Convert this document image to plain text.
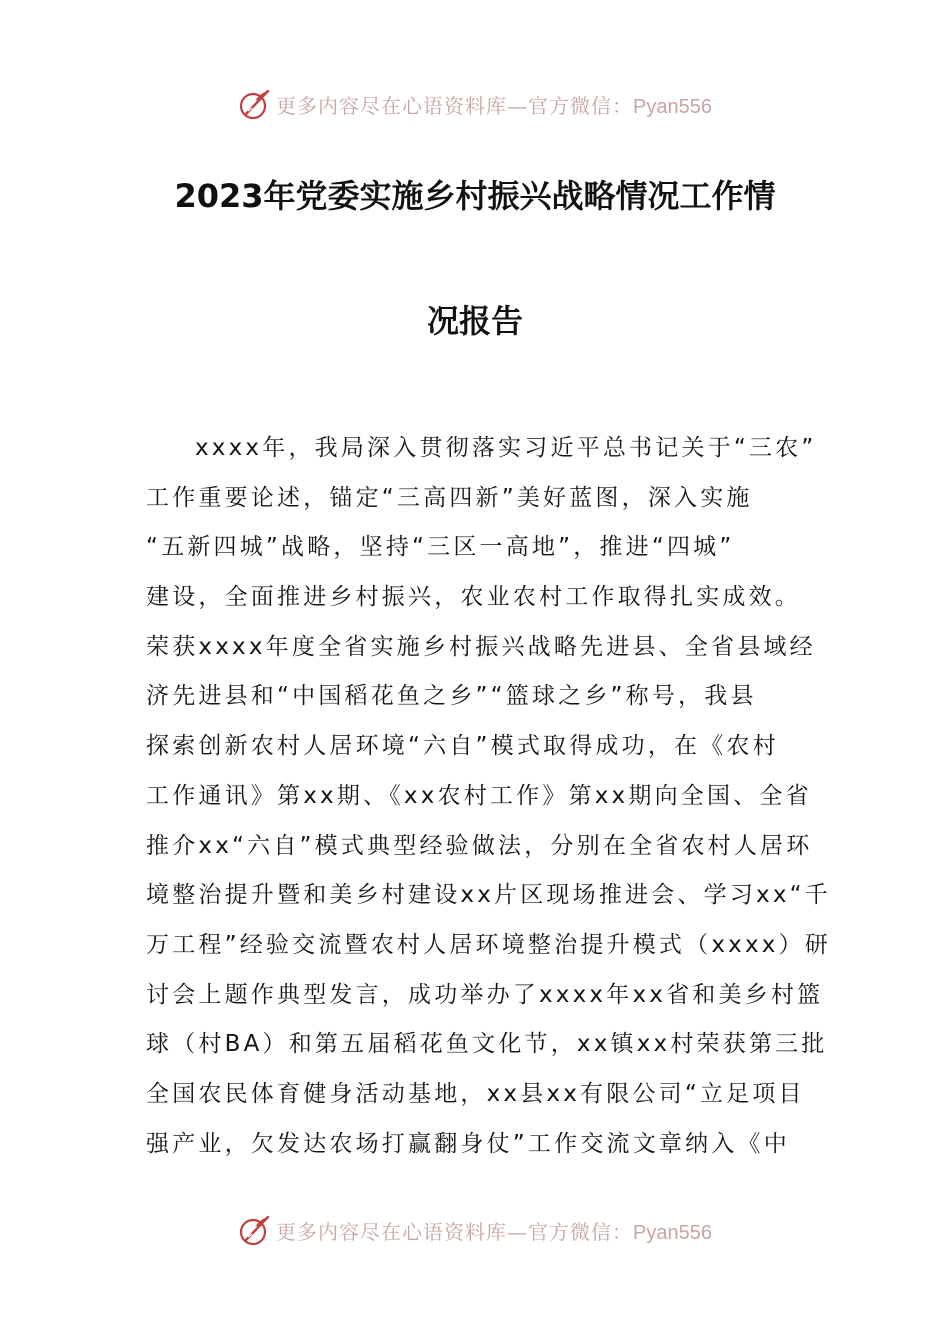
更多内容尽在心语资料库—官方微信：Pyan556
2023年党委实施乡村振兴战略情况工作情
况报告
xxxx年，我局深入贯彻落实习近平总书记关于“三农”
工作重要论述，锚定“三高四新”美好蓝图，深入实施
“五新四城”战略，坚持“三区一高地”，推进“四城”
建设，全面推进乡村振兴，农业农村工作取得扎实成效。
荣获xxxx年度全省实施乡村振兴战略先进县、全省县域经
济先进县和“中国稻花鱼之乡”“篮球之乡”称号，我县
探索创新农村人居环境“六自”模式取得成功，在《农村
工作通讯》第xx期、《xx农村工作》第xx期向全国、全省
推介xx“六自”模式典型经验做法，分别在全省农村人居环
境整治提升暨和美乡村建设xx片区现场推进会、学习xx“千
万工程”经验交流暨农村人居环境整治提升模式（xxxx）研
讨会上题作典型发言，成功举办了xxxx年xx省和美乡村篮
球（村BA）和第五届稻花鱼文化节，xx镇xx村荣获第三批
全国农民体育健身活动基地，xx县xx有限公司“立足项目
强产业，欠发达农场打赢翻身仗”工作交流文章纳入《中
更多内容尽在心语资料库—官方微信：Pyan556
